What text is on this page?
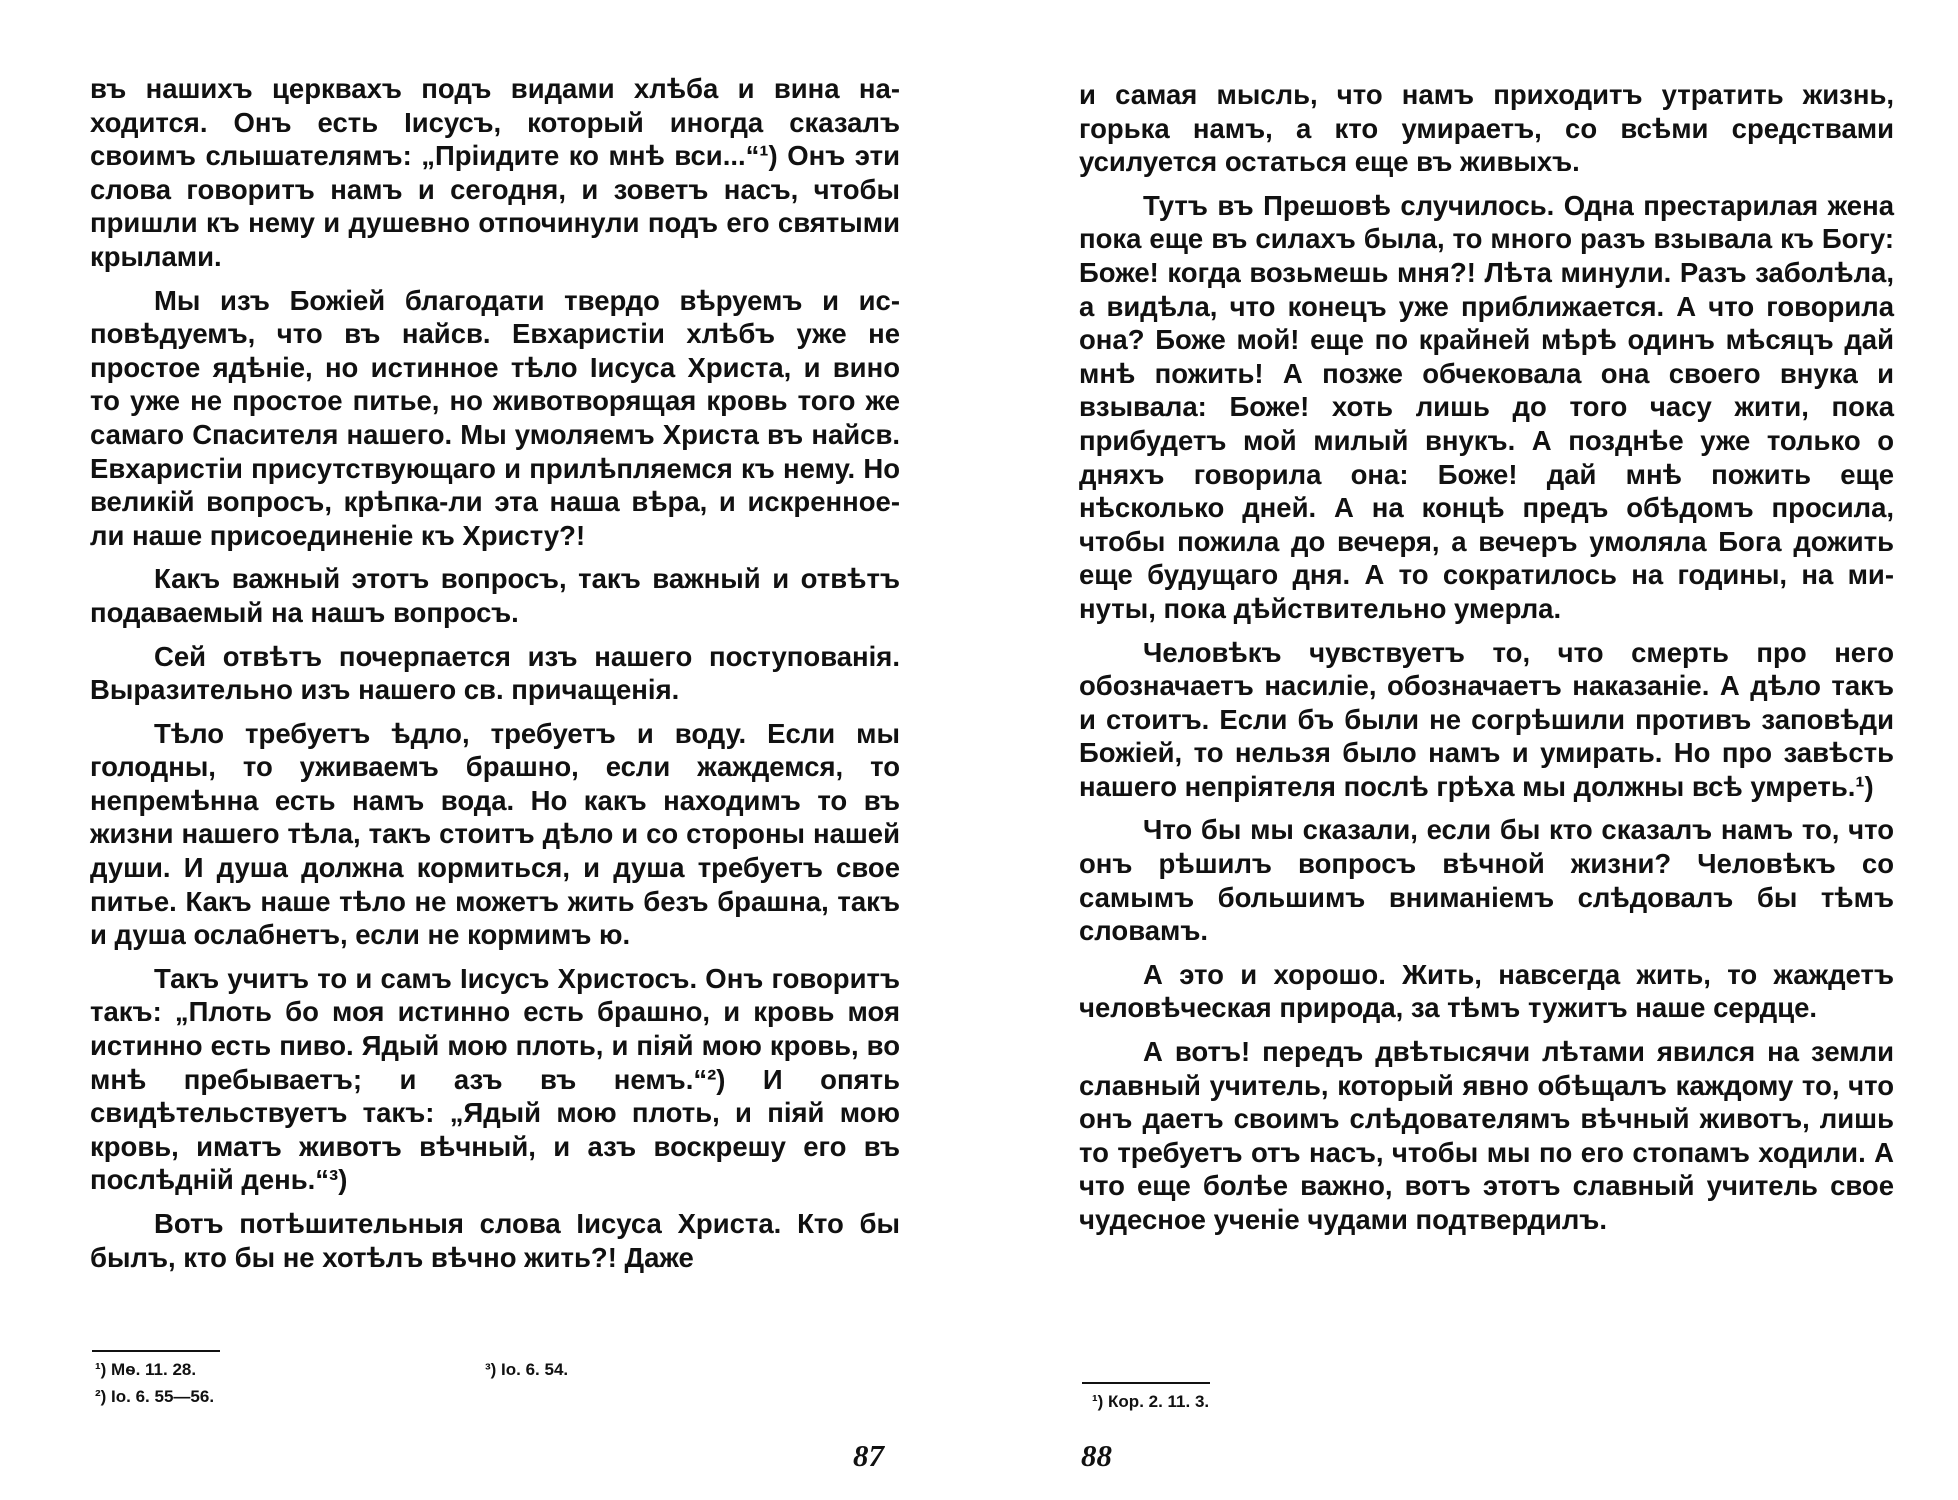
въ нашихъ церквахъ подъ видами хлѣба и вина находится. Онъ есть Іисусъ, который иногда сказалъ своимъ слышателямъ: „Пріидите ко мнѣ вси...“¹) Онъ эти слова говоритъ намъ и сегодня, и зоветъ насъ, чтобы пришли къ нему и душевно отпочинули подъ его святыми крылами.

Мы изъ Божіей благодати твердо вѣруемъ и исповѣдуемъ, что въ найсв. Евхаристіи хлѣбъ уже не простое ядѣніе, но истинное тѣло Іисуса Христа, и вино то уже не простое питье, но животворящая кровь того же самаго Спасителя нашего. Мы умоляемъ Христа въ найсв. Евхаристіи присутствующаго и прилѣпляемся къ нему. Но великій вопросъ, крѣпка-ли эта наша вѣра, и искренное-ли наше присоединеніе къ Христу?!

Какъ важный этотъ вопросъ, такъ важный и отвѣтъ подаваемый на нашъ вопросъ.

Сей отвѣтъ почерпается изъ нашего поступованія. Выразительно изъ нашего св. причащенія.

Тѣло требуетъ ѣдло, требуетъ и воду. Если мы голодны, то уживаемъ брашно, если жаждемся, то непремѣнна есть намъ вода. Но какъ находимъ то въ жизни нашего тѣла, такъ стоитъ дѣло и со стороны нашей души. И душа должна кормиться, и душа требуетъ свое питье. Какъ наше тѣло не можетъ жить безъ брашна, такъ и душа ослабнетъ, если не кормимъ ю.

Такъ учитъ то и самъ Іисусъ Христосъ. Онъ говоритъ такъ: „Плоть бо моя истинно есть брашно, и кровь моя истинно есть пиво. Ядый мою плоть, и піяй мою кровь, во мнѣ пребываетъ; и азъ въ немъ.“²) И опять свидѣтельствуетъ такъ: „Ядый мою плоть, и піяй мою кровь, иматъ животъ вѣчный, и азъ воскрешу его въ послѣдній день.“³)

Вотъ потѣшительныя слова Іисуса Христа. Кто бы былъ, кто бы не хотѣлъ вѣчно жить?! Даже

¹) Мѳ. 11. 28.	³) Іо. 6. 54.
²) Іо. 6. 55—56.
87

и самая мысль, что намъ приходитъ утратить жизнь, горька намъ, а кто умираетъ, со всѣми средствами усилуется остаться еще въ живыхъ.

Тутъ въ Прешовѣ случилось. Одна престарилая жена пока еще въ силахъ была, то много разъ взывала къ Богу: Боже! когда возьмешь мня?! Лѣта минули. Разъ заболѣла, а видѣла, что конецъ уже приближается. А что говорила она? Боже мой! еще по крайней мѣрѣ одинъ мѣсяцъ дай мнѣ пожить! А позже обчековала она своего внука и взывала: Боже! хоть лишь до того часу жити, пока прибудетъ мой милый внукъ. А позднѣе уже только о дняхъ говорила она: Боже! дай мнѣ пожить еще нѣсколько дней. А на концѣ предъ обѣдомъ просила, чтобы пожила до вечеря, а вечеръ умоляла Бога дожить еще будущаго дня. А то сократилось на годины, на минуты, пока дѣйствительно умерла.

Человѣкъ чувствуетъ то, что смерть про него обозначаетъ насиліе, обозначаетъ наказаніе. А дѣло такъ и стоитъ. Если бъ были не согрѣшили противъ заповѣди Божіей, то нельзя было намъ и умирать. Но про завѣсть нашего непріятеля послѣ грѣха мы должны всѣ умреть.¹)

Что бы мы сказали, если бы кто сказалъ намъ то, что онъ рѣшилъ вопросъ вѣчной жизни? Человѣкъ со самымъ большимъ вниманіемъ слѣдовалъ бы тѣмъ словамъ.

А это и хорошо. Жить, навсегда жить, то жаждетъ человѣческая природа, за тѣмъ тужитъ наше сердце.

А вотъ! передъ двѣтысячи лѣтами явился на земли славный учитель, который явно обѣщалъ каждому то, что онъ даетъ своимъ слѣдователямъ вѣчный животъ, лишь то требуетъ отъ насъ, чтобы мы по его стопамъ ходили. А что еще болѣе важно, вотъ этотъ славный учитель свое чудесное ученіе чудами подтвердилъ.

¹) Кор. 2. 11. 3.
88
